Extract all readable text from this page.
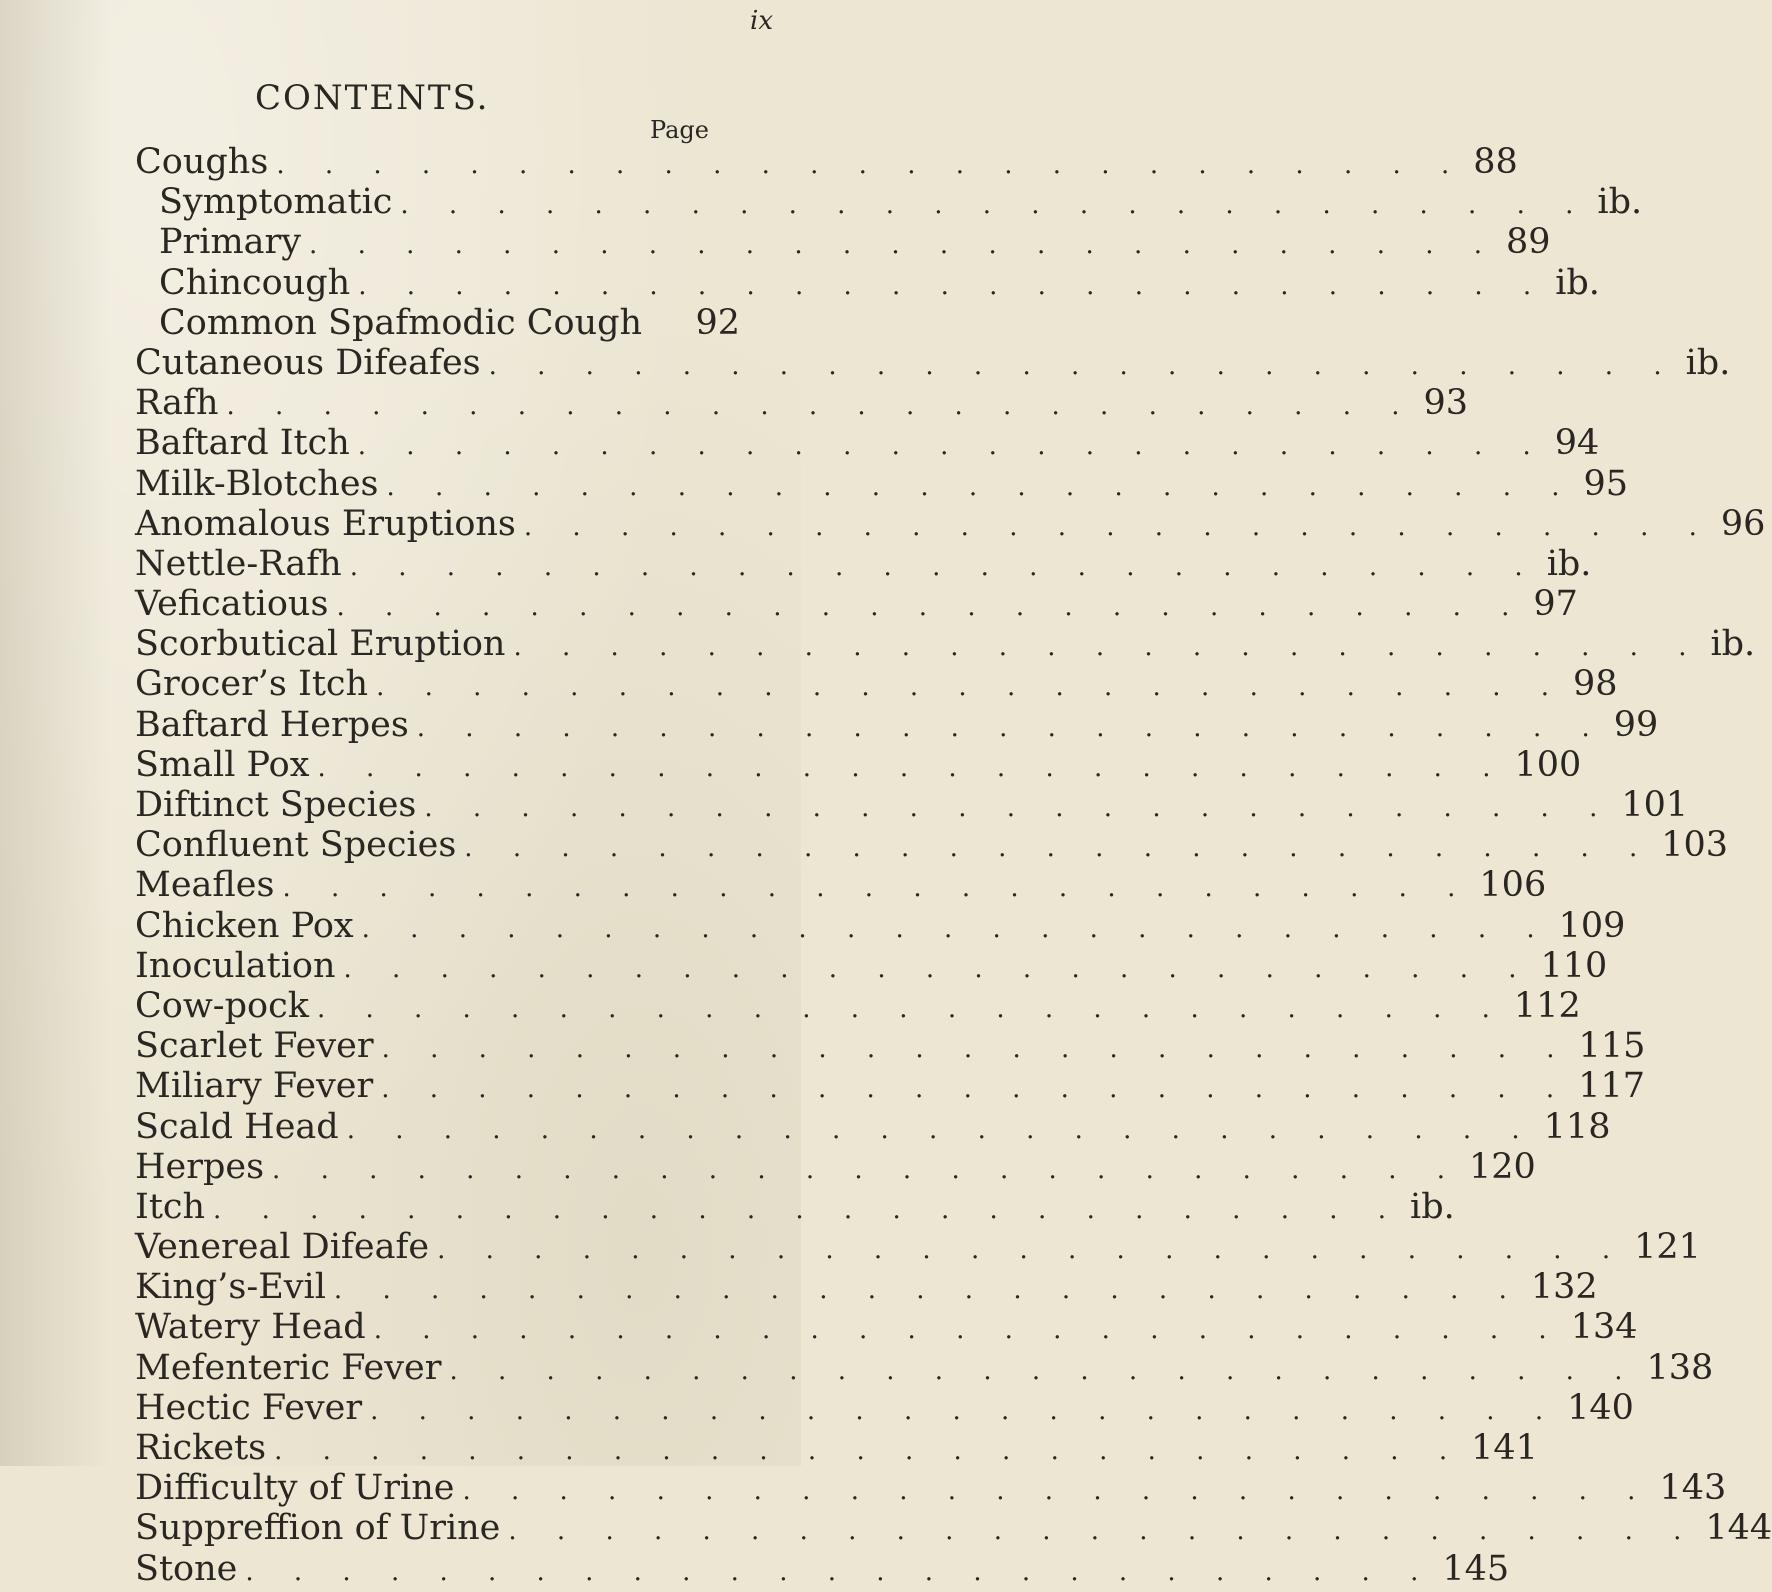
CONTENTS.
ix
Page
Coughs . . . . . . . . . . . . . . . . . . . . . . . . . 88
Symptomatic . . . . . . . . . . . . . . . . . . . . . . . . . ib.
Primary . . . . . . . . . . . . . . . . . . . . . . . . . 89
Chincough . . . . . . . . . . . . . . . . . . . . . . . . . ib.
Common Spafmodic Cough	92
Cutaneous Difeafes . . . . . . . . . . . . . . . . . . . . . . . . . ib.
Rafh . . . . . . . . . . . . . . . . . . . . . . . . . 93
Baftard Itch . . . . . . . . . . . . . . . . . . . . . . . . . 94
Milk-Blotches . . . . . . . . . . . . . . . . . . . . . . . . . 95
Anomalous Eruptions . . . . . . . . . . . . . . . . . . . . . . . . . 96
Nettle-Rafh . . . . . . . . . . . . . . . . . . . . . . . . . ib.
Veficatious . . . . . . . . . . . . . . . . . . . . . . . . . 97
Scorbutical Eruption . . . . . . . . . . . . . . . . . . . . . . . . . ib.
Grocer’s Itch . . . . . . . . . . . . . . . . . . . . . . . . . 98
Baftard Herpes . . . . . . . . . . . . . . . . . . . . . . . . . 99
Small Pox . . . . . . . . . . . . . . . . . . . . . . . . . 100
Diftinct Species . . . . . . . . . . . . . . . . . . . . . . . . . 101
Confluent Species . . . . . . . . . . . . . . . . . . . . . . . . . 103
Meafles . . . . . . . . . . . . . . . . . . . . . . . . . 106
Chicken Pox . . . . . . . . . . . . . . . . . . . . . . . . . 109
Inoculation . . . . . . . . . . . . . . . . . . . . . . . . . 110
Cow-pock . . . . . . . . . . . . . . . . . . . . . . . . . 112
Scarlet Fever . . . . . . . . . . . . . . . . . . . . . . . . . 115
Miliary Fever . . . . . . . . . . . . . . . . . . . . . . . . . 117
Scald Head . . . . . . . . . . . . . . . . . . . . . . . . . 118
Herpes . . . . . . . . . . . . . . . . . . . . . . . . . 120
Itch . . . . . . . . . . . . . . . . . . . . . . . . . ib.
Venereal Difeafe . . . . . . . . . . . . . . . . . . . . . . . . . 121
King’s-Evil . . . . . . . . . . . . . . . . . . . . . . . . . 132
Watery Head . . . . . . . . . . . . . . . . . . . . . . . . . 134
Mefenteric Fever . . . . . . . . . . . . . . . . . . . . . . . . . 138
Hectic Fever . . . . . . . . . . . . . . . . . . . . . . . . . 140
Rickets . . . . . . . . . . . . . . . . . . . . . . . . . 141
Difficulty of Urine . . . . . . . . . . . . . . . . . . . . . . . . . 143
Suppreffion of Urine . . . . . . . . . . . . . . . . . . . . . . . . . 144
Stone . . . . . . . . . . . . . . . . . . . . . . . . . 145
